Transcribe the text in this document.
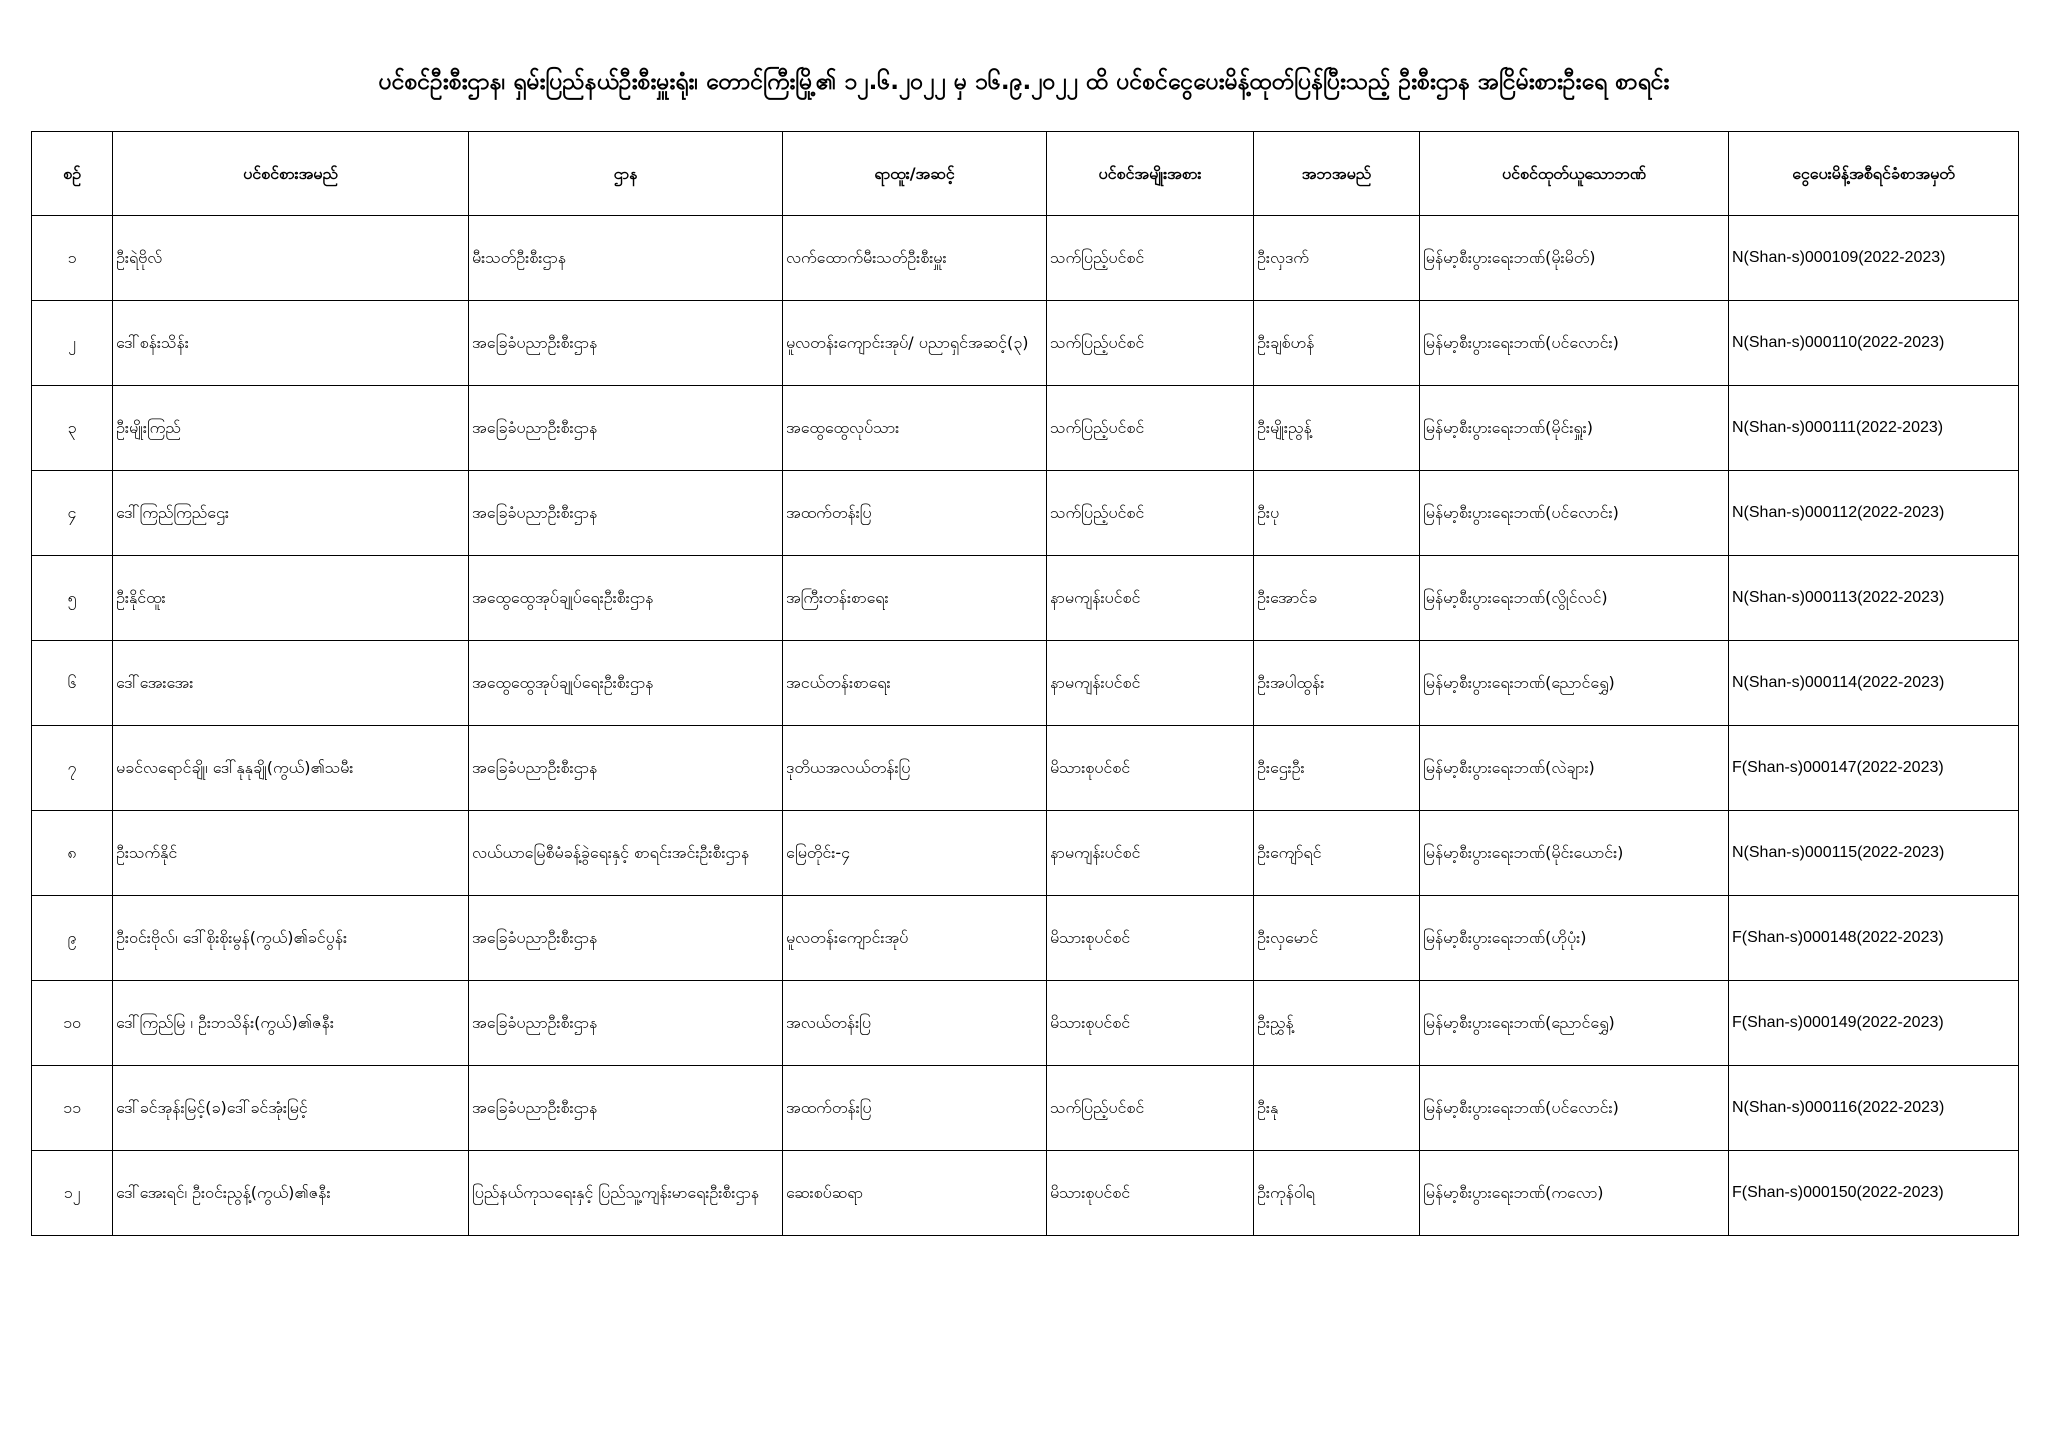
ပင်စင်ဦးစီးဌာန၊ ရှမ်းပြည်နယ်ဦးစီးမှူးရုံး၊ တောင်ကြီးမြို့၏ ၁၂.၆.၂၀၂၂ မှ ၁၆.၉.၂၀၂၂ ထိ ပင်စင်ငွေပေးမိန့်ထုတ်ပြန်ပြီးသည့် ဦးစီးဌာန အငြိမ်းစားဦးရေ စာရင်း
စဉ်	ပင်စင်စားအမည်	ဌာန	ရာထူး/အဆင့်	ပင်စင်အမျိုးအစား	အဘအမည်	ပင်စင်ထုတ်ယူသောဘဏ်	ငွေပေးမိန့်အစီရင်ခံစာအမှတ်
၁	ဦးရဲဗိုလ်	မီးသတ်ဦးစီးဌာန	လက်ထောက်မီးသတ်ဦးစီးမှူး	သက်ပြည့်ပင်စင်	ဦးလှဒက်	မြန်မာ့စီးပွားရေးဘဏ်(မိုးမိတ်)	N(Shan-s)000109(2022-2023)
၂	ဒေါ်စန်းသိန်း	အခြေခံပညာဦးစီးဌာန	မူလတန်းကျောင်းအုပ်/ ပညာရှင်အဆင့်(၃)	သက်ပြည့်ပင်စင်	ဦးချစ်ဟန်	မြန်မာ့စီးပွားရေးဘဏ်(ပင်လောင်း)	N(Shan-s)000110(2022-2023)
၃	ဦးမျိုးကြည်	အခြေခံပညာဦးစီးဌာန	အထွေထွေလုပ်သား	သက်ပြည့်ပင်စင်	ဦးမျိုးညွန့်	မြန်မာ့စီးပွားရေးဘဏ်(မိုင်းရှူး)	N(Shan-s)000111(2022-2023)
၄	ဒေါ်ကြည်ကြည်ဌေး	အခြေခံပညာဦးစီးဌာန	အထက်တန်းပြ	သက်ပြည့်ပင်စင်	ဦးပု	မြန်မာ့စီးပွားရေးဘဏ်(ပင်လောင်း)	N(Shan-s)000112(2022-2023)
၅	ဦးနိုင်ထူး	အထွေထွေအုပ်ချုပ်ရေးဦးစီးဌာန	အကြီးတန်းစာရေး	နာမကျန်းပင်စင်	ဦးအောင်ခ	မြန်မာ့စီးပွားရေးဘဏ်(လွိုင်လင်)	N(Shan-s)000113(2022-2023)
၆	ဒေါ်အေးအေး	အထွေထွေအုပ်ချုပ်ရေးဦးစီးဌာန	အငယ်တန်းစာရေး	နာမကျန်းပင်စင်	ဦးအပါထွန်း	မြန်မာ့စီးပွားရေးဘဏ်(ညောင်ရွှေ)	N(Shan-s)000114(2022-2023)
၇	မခင်လရောင်ချို၊ ဒေါ်နုနုချို(ကွယ်)၏သမီး	အခြေခံပညာဦးစီးဌာန	ဒုတိယအလယ်တန်းပြ	မိသားစုပင်စင်	ဦးဌေးဦး	မြန်မာ့စီးပွားရေးဘဏ်(လဲချား)	F(Shan-s)000147(2022-2023)
၈	ဦးသက်နိုင်	လယ်ယာမြေစီမံခန့်ခွဲရေးနှင့် စာရင်းအင်းဦးစီးဌာန	မြေတိုင်း-၄	နာမကျန်းပင်စင်	ဦးကျော်ရင်	မြန်မာ့စီးပွားရေးဘဏ်(မိုင်းယောင်း)	N(Shan-s)000115(2022-2023)
၉	ဦးဝင်းဗိုလ်၊ ဒေါ်စိုးစိုးမွန်(ကွယ်)၏ခင်ပွန်း	အခြေခံပညာဦးစီးဌာန	မူလတန်းကျောင်းအုပ်	မိသားစုပင်စင်	ဦးလှမောင်	မြန်မာ့စီးပွားရေးဘဏ်(ဟိုပုံး)	F(Shan-s)000148(2022-2023)
၁၀	ဒေါ်ကြည်မြ ၊ ဦးဘသိန်း(ကွယ်)၏ဇနီး	အခြေခံပညာဦးစီးဌာန	အလယ်တန်းပြ	မိသားစုပင်စင်	ဦးညွှန့်	မြန်မာ့စီးပွားရေးဘဏ်(ညောင်ရွှေ)	F(Shan-s)000149(2022-2023)
၁၁	ဒေါ်ခင်အုန်းမြင့်(ခ)ဒေါ်ခင်အုံးမြင့်	အခြေခံပညာဦးစီးဌာန	အထက်တန်းပြ	သက်ပြည့်ပင်စင်	ဦးနု	မြန်မာ့စီးပွားရေးဘဏ်(ပင်လောင်း)	N(Shan-s)000116(2022-2023)
၁၂	ဒေါ်အေးရင်၊ ဦးဝင်းညွန့်(ကွယ်)၏ဇနီး	ပြည်နယ်ကုသရေးနှင့် ပြည်သူ့ကျန်းမာရေးဦးစီးဌာန	ဆေးစပ်ဆရာ	မိသားစုပင်စင်	ဦးကုန်ဝါရ	မြန်မာ့စီးပွားရေးဘဏ်(ကလော)	F(Shan-s)000150(2022-2023)
